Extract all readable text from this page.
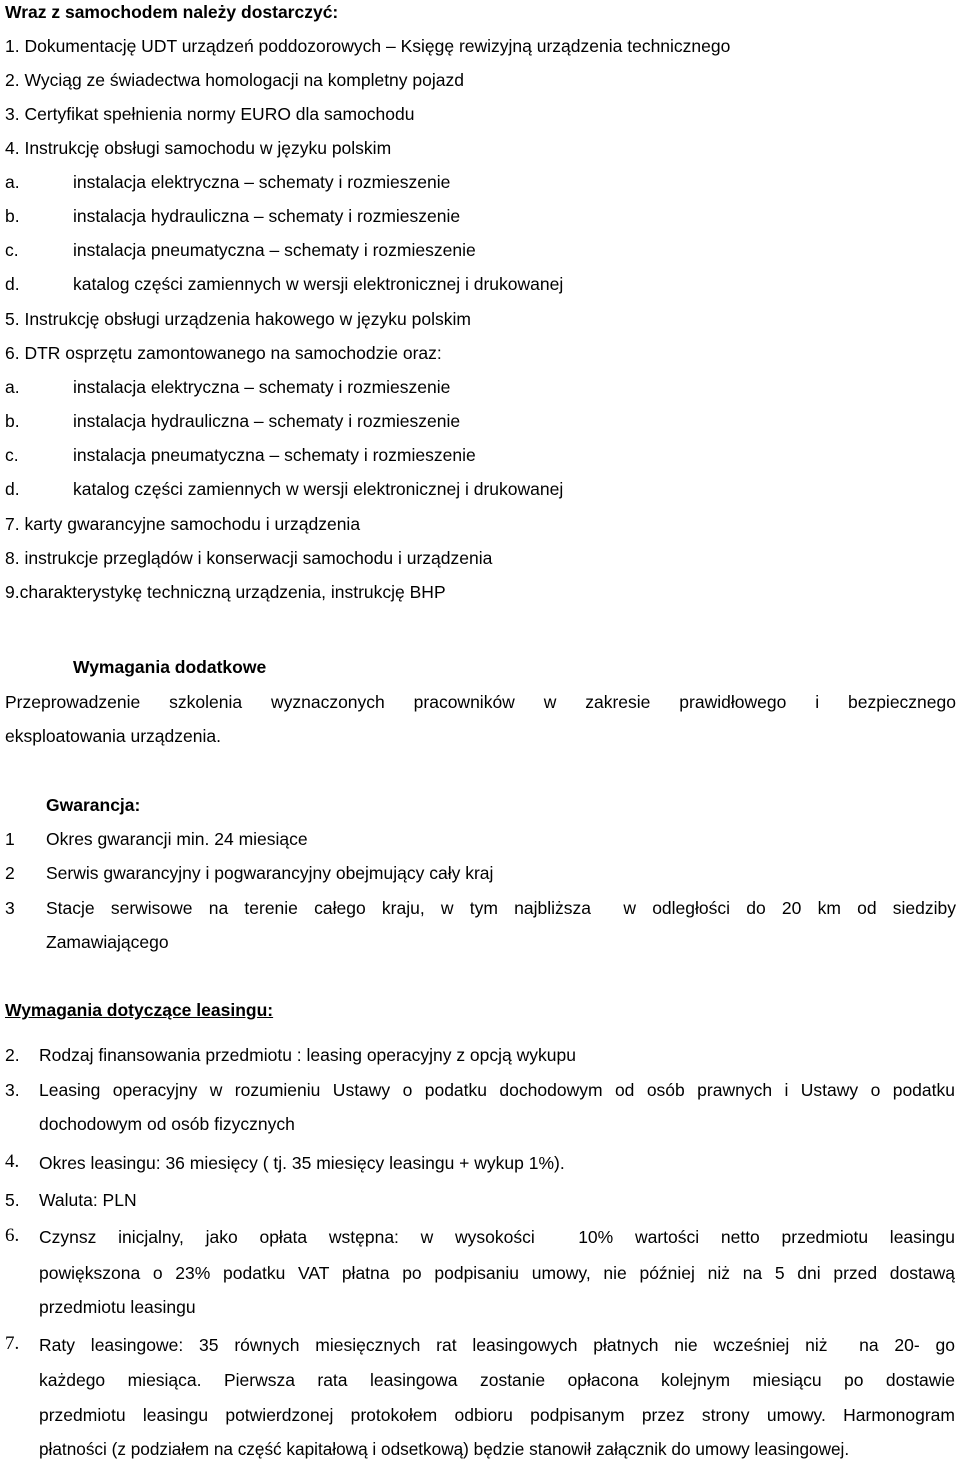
Wraz z samochodem należy dostarczyć:
1. Dokumentację UDT urządzeń poddozorowych – Księgę rewizyjną urządzenia technicznego
2. Wyciąg ze świadectwa homologacji na kompletny pojazd
3. Certyfikat spełnienia normy EURO dla samochodu
4. Instrukcję obsługi samochodu w języku polskim
a.	instalacja elektryczna – schematy i rozmieszenie
b.	instalacja hydrauliczna – schematy i rozmieszenie
c.	instalacja pneumatyczna – schematy i rozmieszenie
d.	katalog części zamiennych w wersji elektronicznej i drukowanej
5. Instrukcję obsługi urządzenia hakowego w języku polskim
6. DTR osprzętu zamontowanego na samochodzie oraz:
a.	instalacja elektryczna – schematy i rozmieszenie
b.	instalacja hydrauliczna – schematy i rozmieszenie
c.	instalacja pneumatyczna – schematy i rozmieszenie
d.	katalog części zamiennych w wersji elektronicznej i drukowanej
7. karty gwarancyjne samochodu i urządzenia
8. instrukcje przeglądów i konserwacji samochodu i urządzenia
9.charakterystykę techniczną urządzenia, instrukcję BHP
Wymagania dodatkowe
Przeprowadzenie szkolenia wyznaczonych pracowników w zakresie prawidłowego i bezpiecznego
eksploatowania urządzenia.
Gwarancja:
1 Okres gwarancji min. 24 miesiące
2 Serwis gwarancyjny i pogwarancyjny obejmujący cały kraj
3 Stacje serwisowe na terenie całego kraju, w tym najbliższa  w odległości do 20 km od siedziby
Zamawiającego
Wymagania dotyczące leasingu:
2. Rodzaj finansowania przedmiotu : leasing operacyjny z opcją wykupu
3. Leasing operacyjny w rozumieniu Ustawy o podatku dochodowym od osób prawnych i Ustawy o podatku
dochodowym od osób fizycznych
4. Okres leasingu: 36 miesięcy ( tj. 35 miesięcy leasingu + wykup 1%).
5. Waluta: PLN
6. Czynsz inicjalny, jako opłata wstępna: w wysokości  10% wartości netto przedmiotu leasingu
powiększona o 23% podatku VAT płatna po podpisaniu umowy, nie później niż na 5 dni przed dostawą
przedmiotu leasingu
7. Raty leasingowe: 35 równych miesięcznych rat leasingowych płatnych nie wcześniej niż  na 20- go
każdego miesiąca. Pierwsza rata leasingowa zostanie opłacona kolejnym miesiącu po dostawie
przedmiotu leasingu potwierdzonej protokołem odbioru podpisanym przez strony umowy. Harmonogram
płatności (z podziałem na część kapitałową i odsetkową) będzie stanowił załącznik do umowy leasingowej.
